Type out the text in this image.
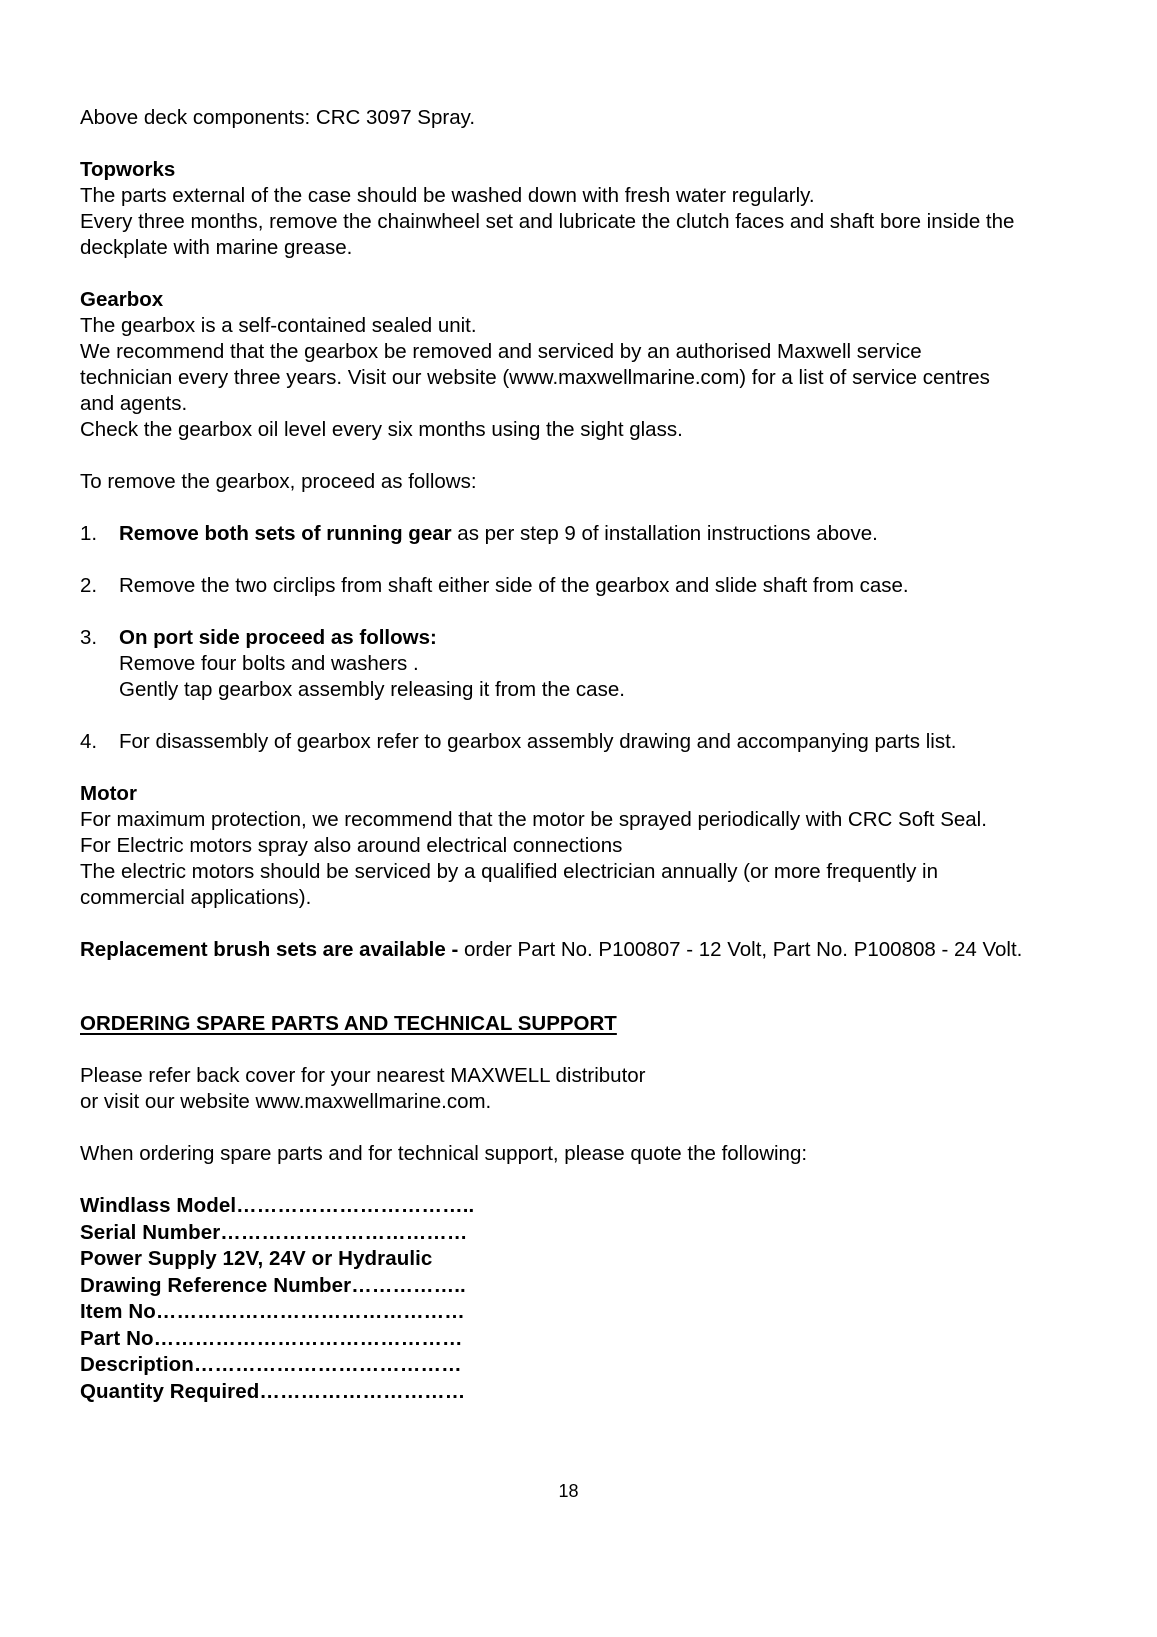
Above deck components: CRC 3097 Spray.

Topworks

The parts external of the case should be washed down with fresh water regularly.

Every three months, remove the chainwheel set and lubricate the clutch faces and shaft bore inside the deckplate with marine grease.

Gearbox

The gearbox is a self-contained sealed unit.

We recommend that the gearbox be removed and serviced by an authorised Maxwell service technician every three years. Visit our website (www.maxwellmarine.com) for a list of service centres and agents.

Check the gearbox oil level every six months using the sight glass.

To remove the gearbox, proceed as follows:

1.	Remove both sets of running gear as per step 9 of installation instructions above.
2.	Remove the two circlips from shaft either side of the gearbox and slide shaft from case.
3.	On port side proceed as follows:

Remove four bolts and washers .

Gently tap gearbox assembly releasing it from the case.

4.	For disassembly of gearbox refer to gearbox assembly drawing and accompanying parts list.

Motor

For maximum protection, we recommend that the motor be sprayed periodically with CRC Soft Seal.

For Electric motors spray also around electrical connections

The electric motors should be serviced by a qualified electrician annually (or more frequently in commercial applications).

Replacement brush sets are available - order Part No. P100807 - 12 Volt, Part No. P100808 - 24 Volt.

ORDERING SPARE PARTS AND TECHNICAL SUPPORT

Please refer back cover for your nearest MAXWELL distributor

or visit our website www.maxwellmarine.com.

When ordering spare parts and for technical support, please quote the following:

Windlass Model……………………………..

Serial Number………………………………

Power Supply 12V, 24V or Hydraulic

Drawing Reference Number……………..

Item No………………………………………

Part No………………………………………

Description…………………………………

Quantity Required…………………………

18
